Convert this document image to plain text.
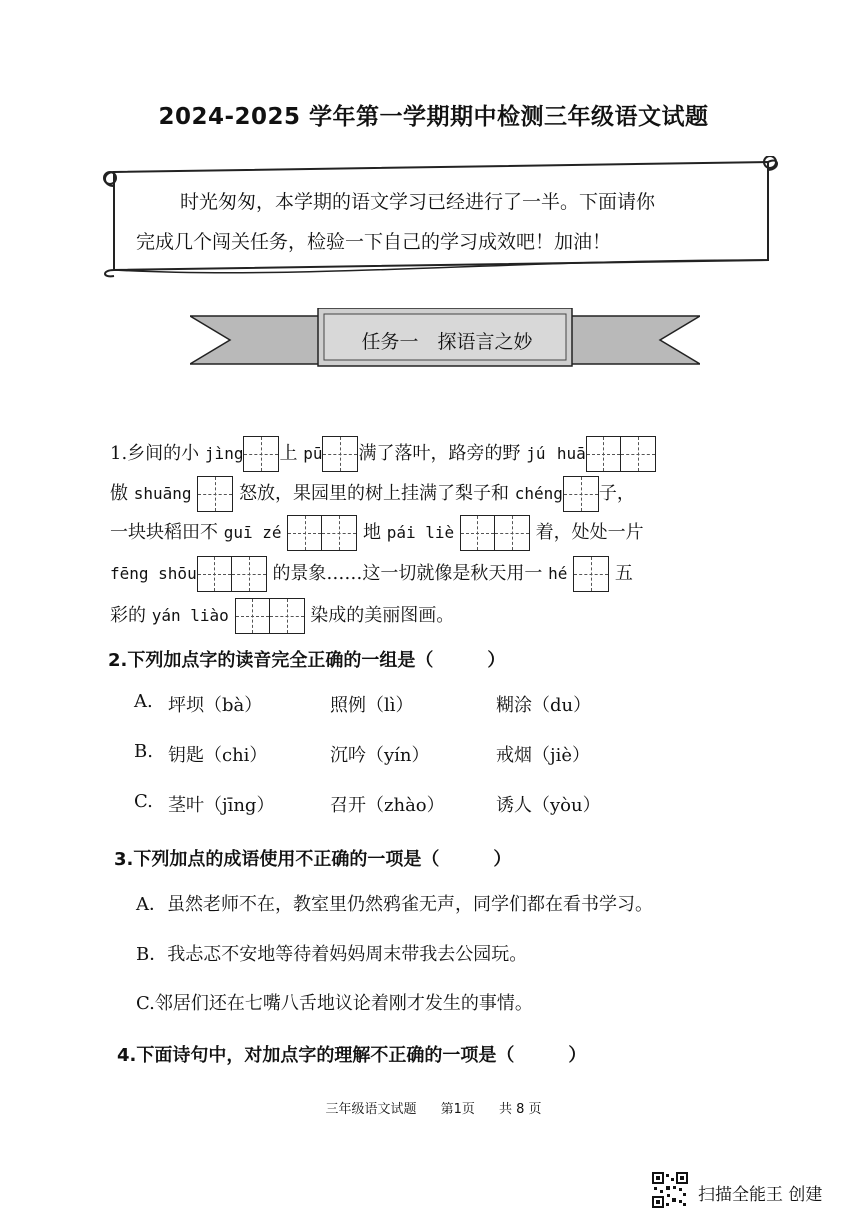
2024-2025 学年第一学期期中检测三年级语文试题
时光匆匆，本学期的语文学习已经进行了一半。下面请你
完成几个闯关任务，检验一下自己的学习成效吧！加油！
任务一　探语言之妙
1.乡间的小 jìng 上 pū 满了落叶，路旁的野 jú huā
傲 shuāng	怒放，果园里的树上挂满了梨子和 chéng 子，
一块块稻田不 guī zé	地 pái liè	着，处处一片
fēng shōu	的景象……这一切就像是秋天用一 hé	五
彩的 yán liào	染成的美丽图画。
2.下列加点字的读音完全正确的一组是（　　　）
A. 坪坝（bà）	照例（lì）	糊涂（du）
B. 钥匙（chi）	沉吟（yín）	戒烟（jiè）
C. 茎叶（jīng）	召开（zhào）	诱人（yòu）
3.下列加点的成语使用不正确的一项是（　　　）
A．虽然老师不在，教室里仍然鸦雀无声，同学们都在看书学习。
B．我忐忑不安地等待着妈妈周末带我去公园玩。
C.邻居们还在七嘴八舌地议论着刚才发生的事情。
4.下面诗句中，对加点字的理解不正确的一项是（　　　）
三年级语文试题 第1页 共 8 页
扫描全能王 创建
